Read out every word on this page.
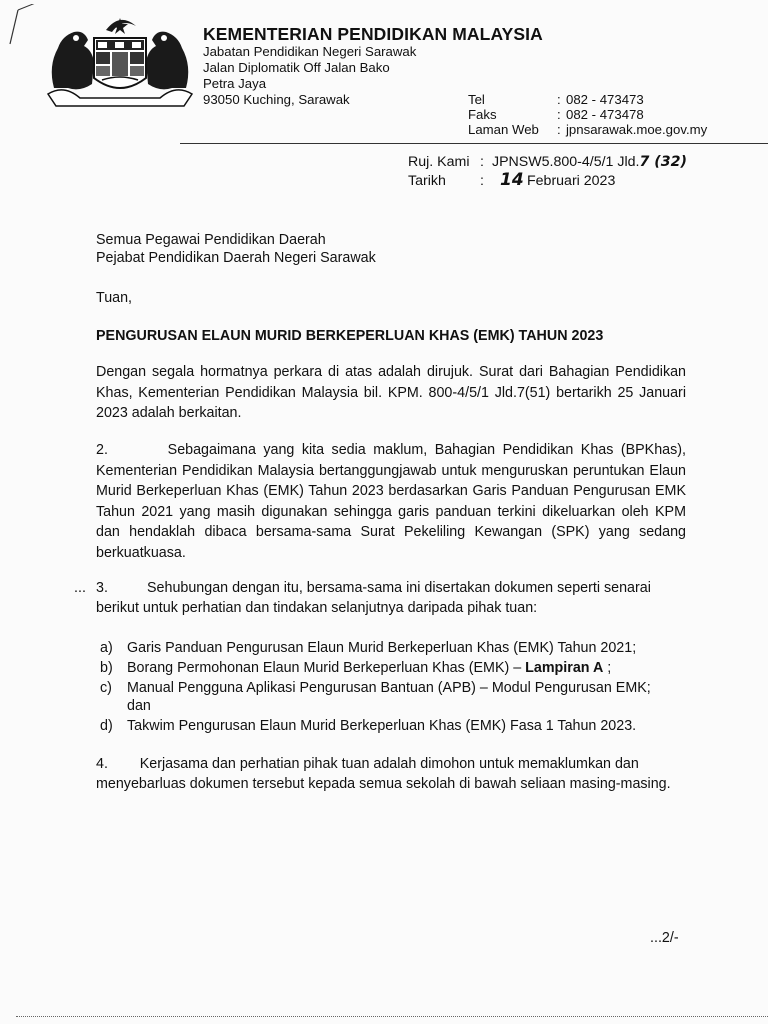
KEMENTERIAN PENDIDIKAN MALAYSIA
Jabatan Pendidikan Negeri Sarawak
Jalan Diplomatik Off Jalan Bako
Petra Jaya
93050 Kuching, Sarawak	Tel	: 082 - 473473
Faks	: 082 - 473478
Laman Web : jpnsarawak.moe.gov.my
Ruj. Kami : JPNSW5.800-4/5/1 Jld.7 (32)
Tarikh : 14 Februari 2023
Semua Pegawai Pendidikan Daerah
Pejabat Pendidikan Daerah Negeri Sarawak
Tuan,
PENGURUSAN ELAUN MURID BERKEPERLUAN KHAS (EMK) TAHUN 2023
Dengan segala hormatnya perkara di atas adalah dirujuk. Surat dari Bahagian Pendidikan Khas, Kementerian Pendidikan Malaysia bil. KPM. 800-4/5/1 Jld.7(51) bertarikh 25 Januari 2023 adalah berkaitan.
2.        Sebagaimana yang kita sedia maklum, Bahagian Pendidikan Khas (BPKhas), Kementerian Pendidikan Malaysia bertanggungjawab untuk menguruskan peruntukan Elaun Murid Berkeperluan Khas (EMK) Tahun 2023 berdasarkan Garis Panduan Pengurusan EMK Tahun 2021 yang masih digunakan sehingga garis panduan terkini dikeluarkan oleh KPM dan hendaklah dibaca bersama-sama Surat Pekeliling Kewangan (SPK) yang sedang berkuatkuasa.
... 3.	Sehubungan dengan itu, bersama-sama ini disertakan dokumen seperti senarai
berikut untuk perhatian dan tindakan selanjutnya daripada pihak tuan:
a) Garis Panduan Pengurusan Elaun Murid Berkeperluan Khas (EMK) Tahun 2021;
b) Borang Permohonan Elaun Murid Berkeperluan Khas (EMK) – Lampiran A ;
c) Manual Pengguna Aplikasi Pengurusan Bantuan (APB) – Modul Pengurusan EMK;
dan
d) Takwim Pengurusan Elaun Murid Berkeperluan Khas (EMK) Fasa 1 Tahun 2023.
4.        Kerjasama dan perhatian pihak tuan adalah dimohon untuk memaklumkan dan
menyebarluas dokumen tersebut kepada semua sekolah di bawah seliaan masing-masing.
...2/-
